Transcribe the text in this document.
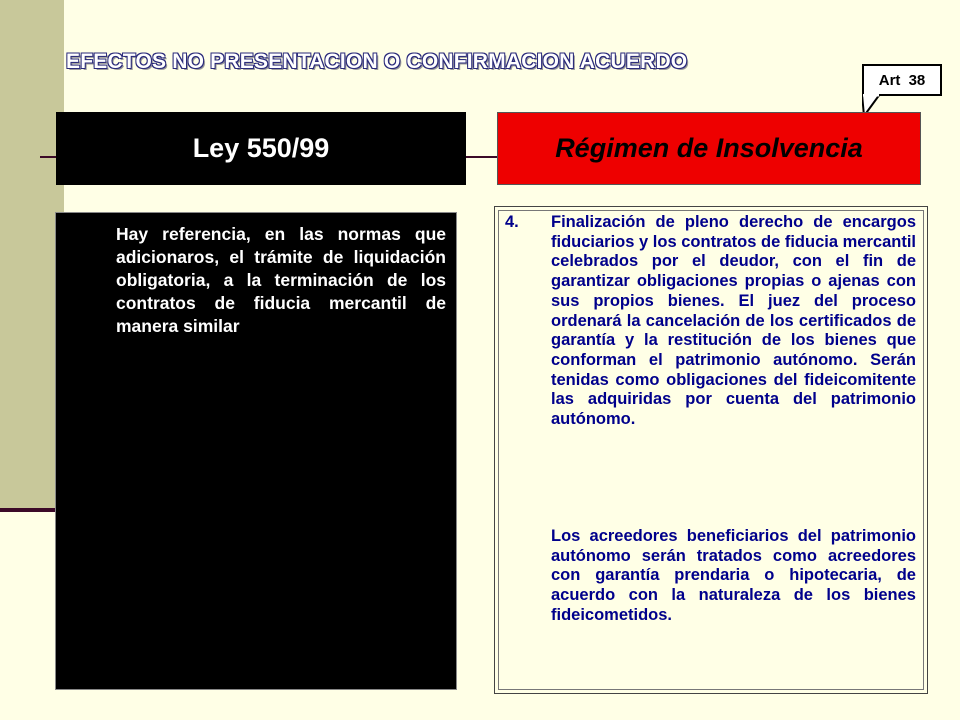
EFECTOS NO PRESENTACION O CONFIRMACION ACUERDO
Art 38
Ley 550/99	Régimen de Insolvencia
Hay referencia, en las normas que adicionaros, el trámite de liquidación obligatoria, a la terminación de los contratos de fiducia mercantil de manera similar
4. Finalización de pleno derecho de encargos fiduciarios y los contratos de fiducia mercantil celebrados por el deudor, con el fin de garantizar obligaciones propias o ajenas con sus propios bienes. El juez del proceso ordenará la cancelación de los certificados de garantía y la restitución de los bienes que conforman el patrimonio autónomo. Serán tenidas como obligaciones del fideicomitente las adquiridas por cuenta del patrimonio autónomo.
Los acreedores beneficiarios del patrimonio autónomo serán tratados como acreedores con garantía prendaria o hipotecaria, de acuerdo con la naturaleza de los bienes fideicometidos.
